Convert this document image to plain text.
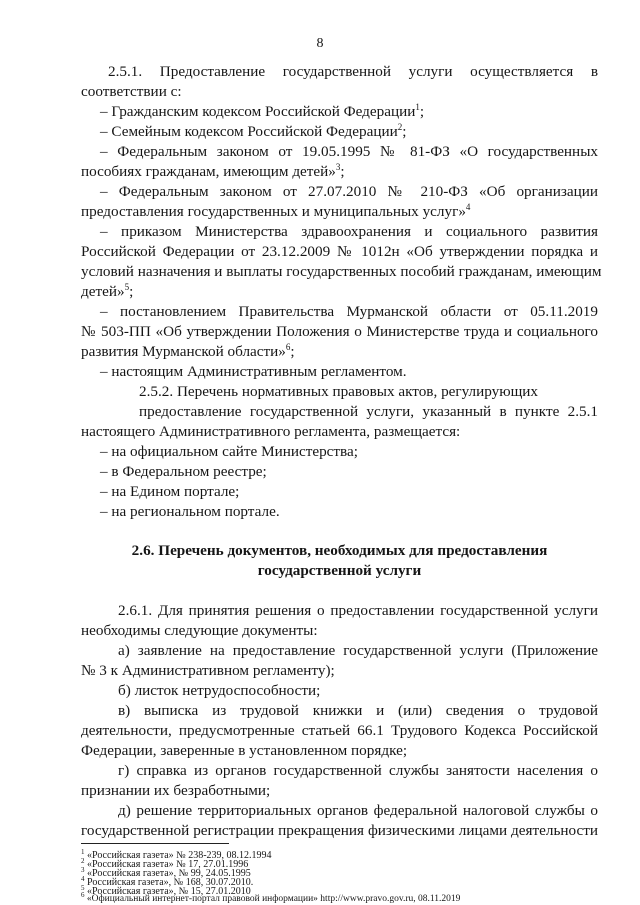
8
2.5.1. Предоставление государственной услуги осуществляется в
соответствии с:
– Гражданским кодексом Российской Федерации$^1$;
– Семейным кодексом Российской Федерации$^2$;
– Федеральным законом от 19.05.1995 № 81-ФЗ «О государственных
пособиях гражданам, имеющим детей»$^3$;
– Федеральным законом от 27.07.2010 № 210-ФЗ «Об организации
предоставления государственных и муниципальных услуг»$^4$
– приказом Министерства здравоохранения и социального развития
Российской Федерации от 23.12.2009 № 1012н «Об утверждении порядка и
условий назначения и выплаты государственных пособий гражданам, имеющим
детей»$^5$;
– постановлением Правительства Мурманской области от 05.11.2019
№ 503-ПП «Об утверждении Положения о Министерстве труда и социального
развития Мурманской области»$^6$;
– настоящим Административным регламентом.
2.5.2. Перечень нормативных правовых актов, регулирующих
предоставление государственной услуги, указанный в пункте 2.5.1
настоящего Административного регламента, размещается:
– на официальном сайте Министерства;
– в Федеральном реестре;
– на Едином портале;
– на региональном портале.
2.6. Перечень документов, необходимых для предоставления
государственной услуги
2.6.1. Для принятия решения о предоставлении государственной услуги
необходимы следующие документы:
а) заявление на предоставление государственной услуги (Приложение
№ 3 к Административном регламенту);
б) листок нетрудоспособности;
в) выписка из трудовой книжки и (или) сведения о трудовой
деятельности, предусмотренные статьей 66.1 Трудового Кодекса Российской
Федерации, заверенные в установленном порядке;
г) справка из органов государственной службы занятости населения о
признании их безработными;
д) решение территориальных органов федеральной налоговой службы о
государственной регистрации прекращения физическими лицами деятельности
$^1$ «Российская газета» № 238-239, 08.12.1994
$^2$ «Российская газета» № 17, 27.01.1996
$^3$ «Российская газета», № 99, 24.05.1995
$^4$ Российская газета», № 168, 30.07.2010.
$^5$ «Российская газета», № 15, 27.01.2010
$^6$ «Официальный интернет-портал правовой информации» http://www.pravo.gov.ru, 08.11.2019
